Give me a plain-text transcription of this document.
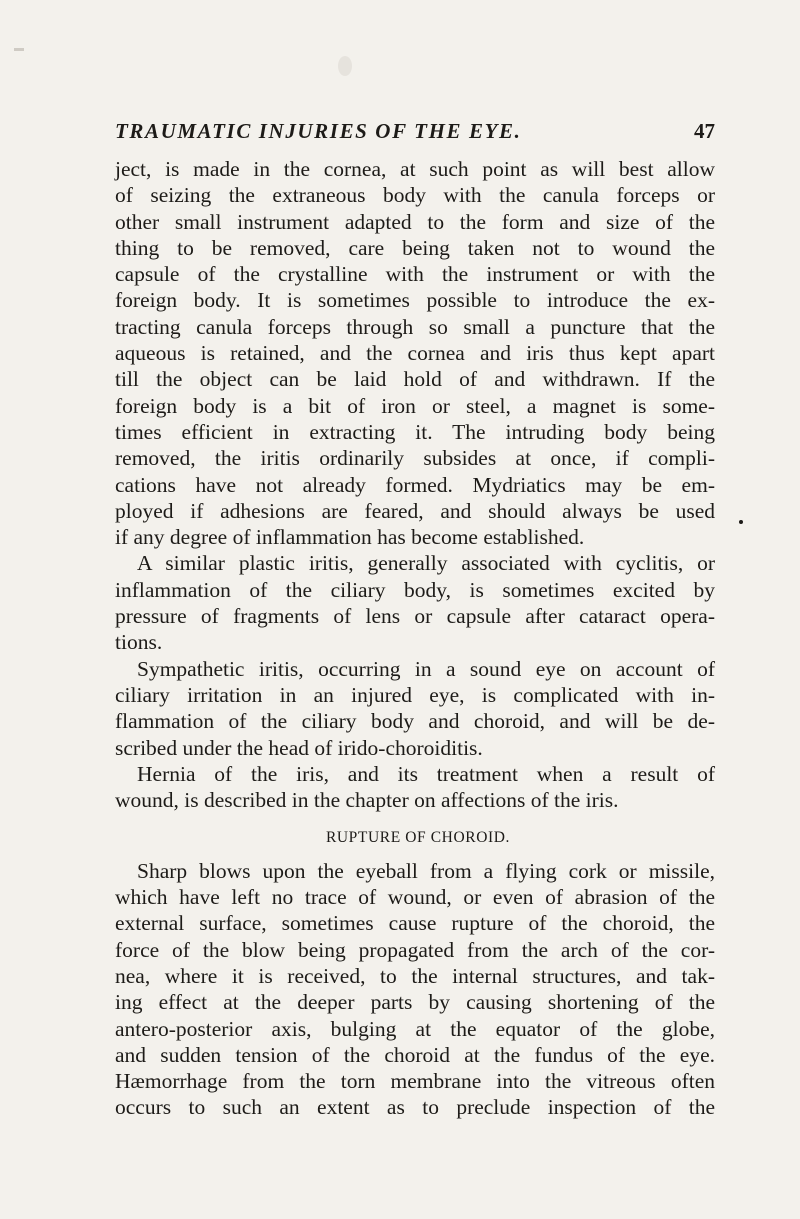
TRAUMATIC INJURIES OF THE EYE.	47
ject, is made in the cornea, at such point as will best allow
of seizing the extraneous body with the canula forceps or
other small instrument adapted to the form and size of the
thing to be removed, care being taken not to wound the
capsule of the crystalline with the instrument or with the
foreign body. It is sometimes possible to introduce the ex-
tracting canula forceps through so small a puncture that the
aqueous is retained, and the cornea and iris thus kept apart
till the object can be laid hold of and withdrawn. If the
foreign body is a bit of iron or steel, a magnet is some-
times efficient in extracting it. The intruding body being
removed, the iritis ordinarily subsides at once, if compli-
cations have not already formed. Mydriatics may be em-
ployed if adhesions are feared, and should always be used
if any degree of inflammation has become established.
A similar plastic iritis, generally associated with cyclitis, or
inflammation of the ciliary body, is sometimes excited by
pressure of fragments of lens or capsule after cataract opera-
tions.
Sympathetic iritis, occurring in a sound eye on account of
ciliary irritation in an injured eye, is complicated with in-
flammation of the ciliary body and choroid, and will be de-
scribed under the head of irido-choroiditis.
Hernia of the iris, and its treatment when a result of
wound, is described in the chapter on affections of the iris.
RUPTURE OF CHOROID.
Sharp blows upon the eyeball from a flying cork or missile,
which have left no trace of wound, or even of abrasion of the
external surface, sometimes cause rupture of the choroid, the
force of the blow being propagated from the arch of the cor-
nea, where it is received, to the internal structures, and tak-
ing effect at the deeper parts by causing shortening of the
antero-posterior axis, bulging at the equator of the globe,
and sudden tension of the choroid at the fundus of the eye.
Hæmorrhage from the torn membrane into the vitreous often
occurs to such an extent as to preclude inspection of the
